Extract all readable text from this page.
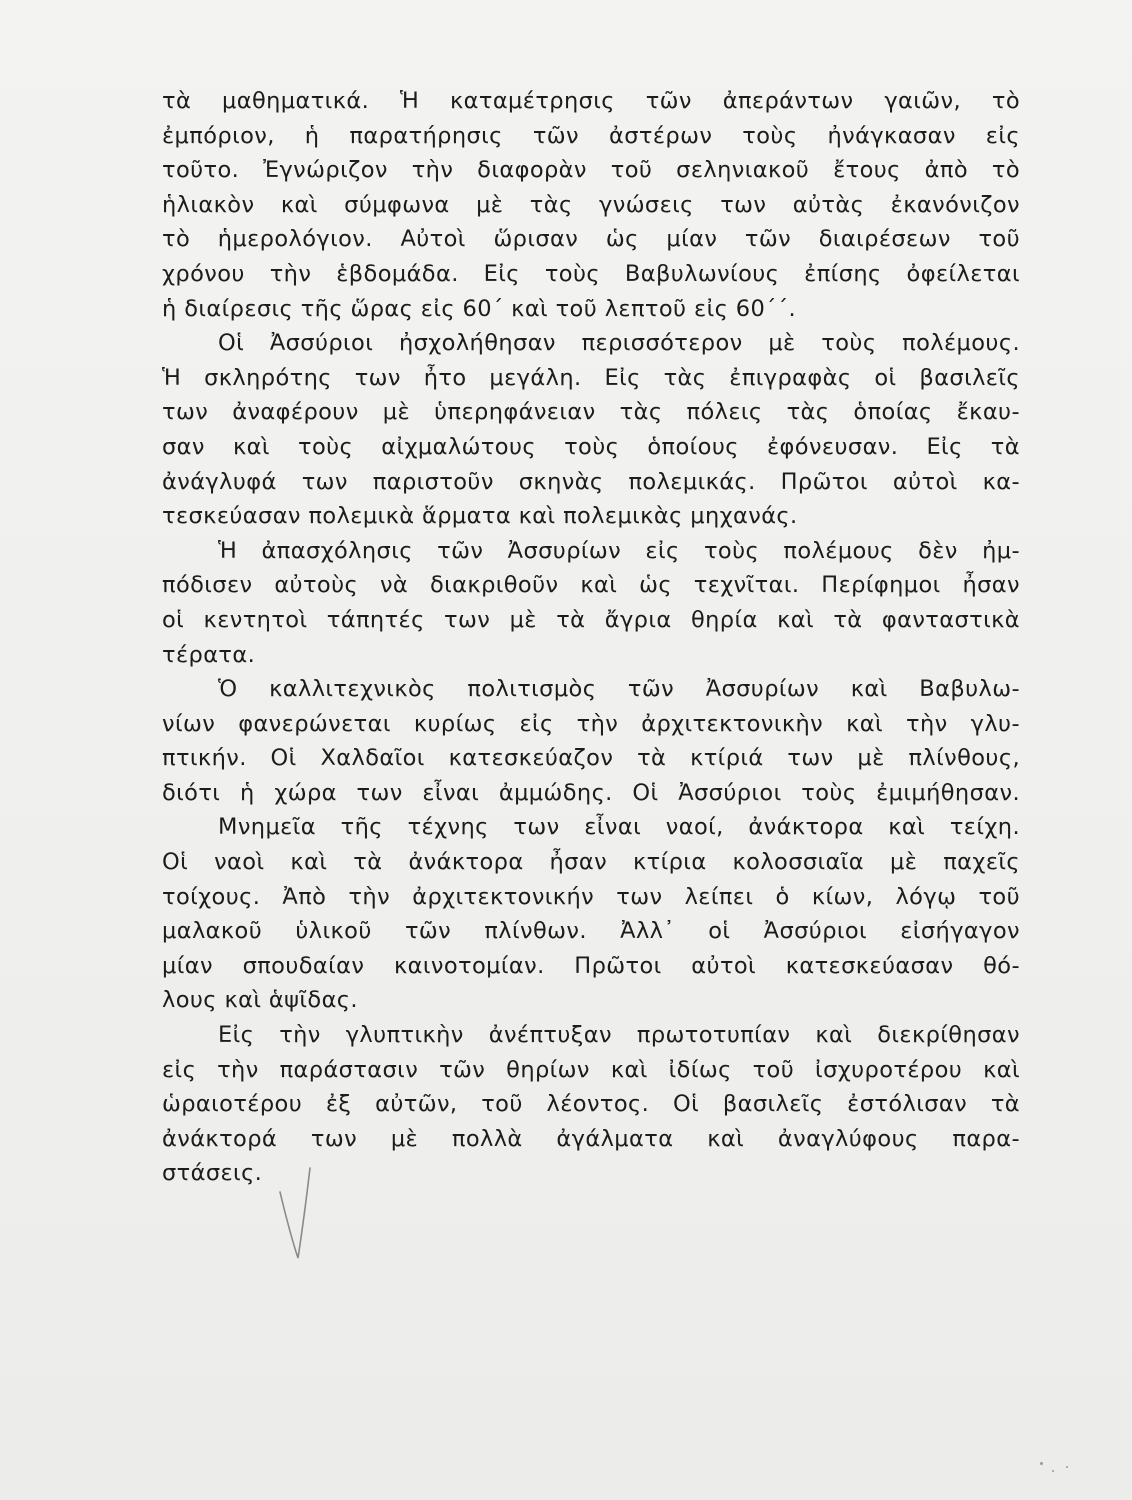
τὰ μαθηματικά. Ἡ καταμέτρησις τῶν ἀπεράντων γαιῶν, τὸ
ἐμπόριον, ἡ παρατήρησις τῶν ἀστέρων τοὺς ἠνάγκασαν εἰς
τοῦτο. Ἐγνώριζον τὴν διαφορὰν τοῦ σεληνιακοῦ ἔτους ἀπὸ τὸ
ἡλιακὸν καὶ σύμφωνα μὲ τὰς γνώσεις των αὐτὰς ἐκανόνιζον
τὸ ἡμερολόγιον. Αὐτοὶ ὥρισαν ὡς μίαν τῶν διαιρέσεων τοῦ
χρόνου τὴν ἑβδομάδα. Εἰς τοὺς Βαβυλωνίους ἐπίσης ὀφείλεται
ἡ διαίρεσις τῆς ὥρας εἰς 60΄ καὶ τοῦ λεπτοῦ εἰς 60΄΄.
Οἱ Ἀσσύριοι ἠσχολήθησαν περισσότερον μὲ τοὺς πολέμους.
Ἡ σκληρότης των ἦτο μεγάλη. Εἰς τὰς ἐπιγραφὰς οἱ βασιλεῖς
των ἀναφέρουν μὲ ὑπερηφάνειαν τὰς πόλεις τὰς ὁποίας ἔκαυ-
σαν καὶ τοὺς αἰχμαλώτους τοὺς ὁποίους ἐφόνευσαν. Εἰς τὰ
ἀνάγλυφά των παριστοῦν σκηνὰς πολεμικάς. Πρῶτοι αὐτοὶ κα-
τεσκεύασαν πολεμικὰ ἅρματα καὶ πολεμικὰς μηχανάς.
Ἡ ἀπασχόλησις τῶν Ἀσσυρίων εἰς τοὺς πολέμους δὲν ἠμ-
πόδισεν αὐτοὺς νὰ διακριθοῦν καὶ ὡς τεχνῖται. Περίφημοι ἦσαν
οἱ κεντητοὶ τάπητές των μὲ τὰ ἄγρια θηρία καὶ τὰ φανταστικὰ
τέρατα.
Ὁ καλλιτεχνικὸς πολιτισμὸς τῶν Ἀσσυρίων καὶ Βαβυλω-
νίων φανερώνεται κυρίως εἰς τὴν ἀρχιτεκτονικὴν καὶ τὴν γλυ-
πτικήν. Οἱ Χαλδαῖοι κατεσκεύαζον τὰ κτίριά των μὲ πλίνθους,
διότι ἡ χώρα των εἶναι ἀμμώδης. Οἱ Ἀσσύριοι τοὺς ἐμιμήθησαν.
Μνημεῖα τῆς τέχνης των εἶναι ναοί, ἀνάκτορα καὶ τείχη.
Οἱ ναοὶ καὶ τὰ ἀνάκτορα ἦσαν κτίρια κολοσσιαῖα μὲ παχεῖς
τοίχους. Ἀπὸ τὴν ἀρχιτεκτονικήν των λείπει ὁ κίων, λόγῳ τοῦ
μαλακοῦ ὑλικοῦ τῶν πλίνθων. Ἀλλ᾽ οἱ Ἀσσύριοι εἰσήγαγον
μίαν σπουδαίαν καινοτομίαν. Πρῶτοι αὐτοὶ κατεσκεύασαν θό-
λους καὶ ἁψῖδας.
Εἰς τὴν γλυπτικὴν ἀνέπτυξαν πρωτοτυπίαν καὶ διεκρίθησαν
εἰς τὴν παράστασιν τῶν θηρίων καὶ ἰδίως τοῦ ἰσχυροτέρου καὶ
ὡραιοτέρου ἐξ αὐτῶν, τοῦ λέοντος. Οἱ βασιλεῖς ἐστόλισαν τὰ
ἀνάκτορά των μὲ πολλὰ ἀγάλματα καὶ ἀναγλύφους παρα-
στάσεις.
